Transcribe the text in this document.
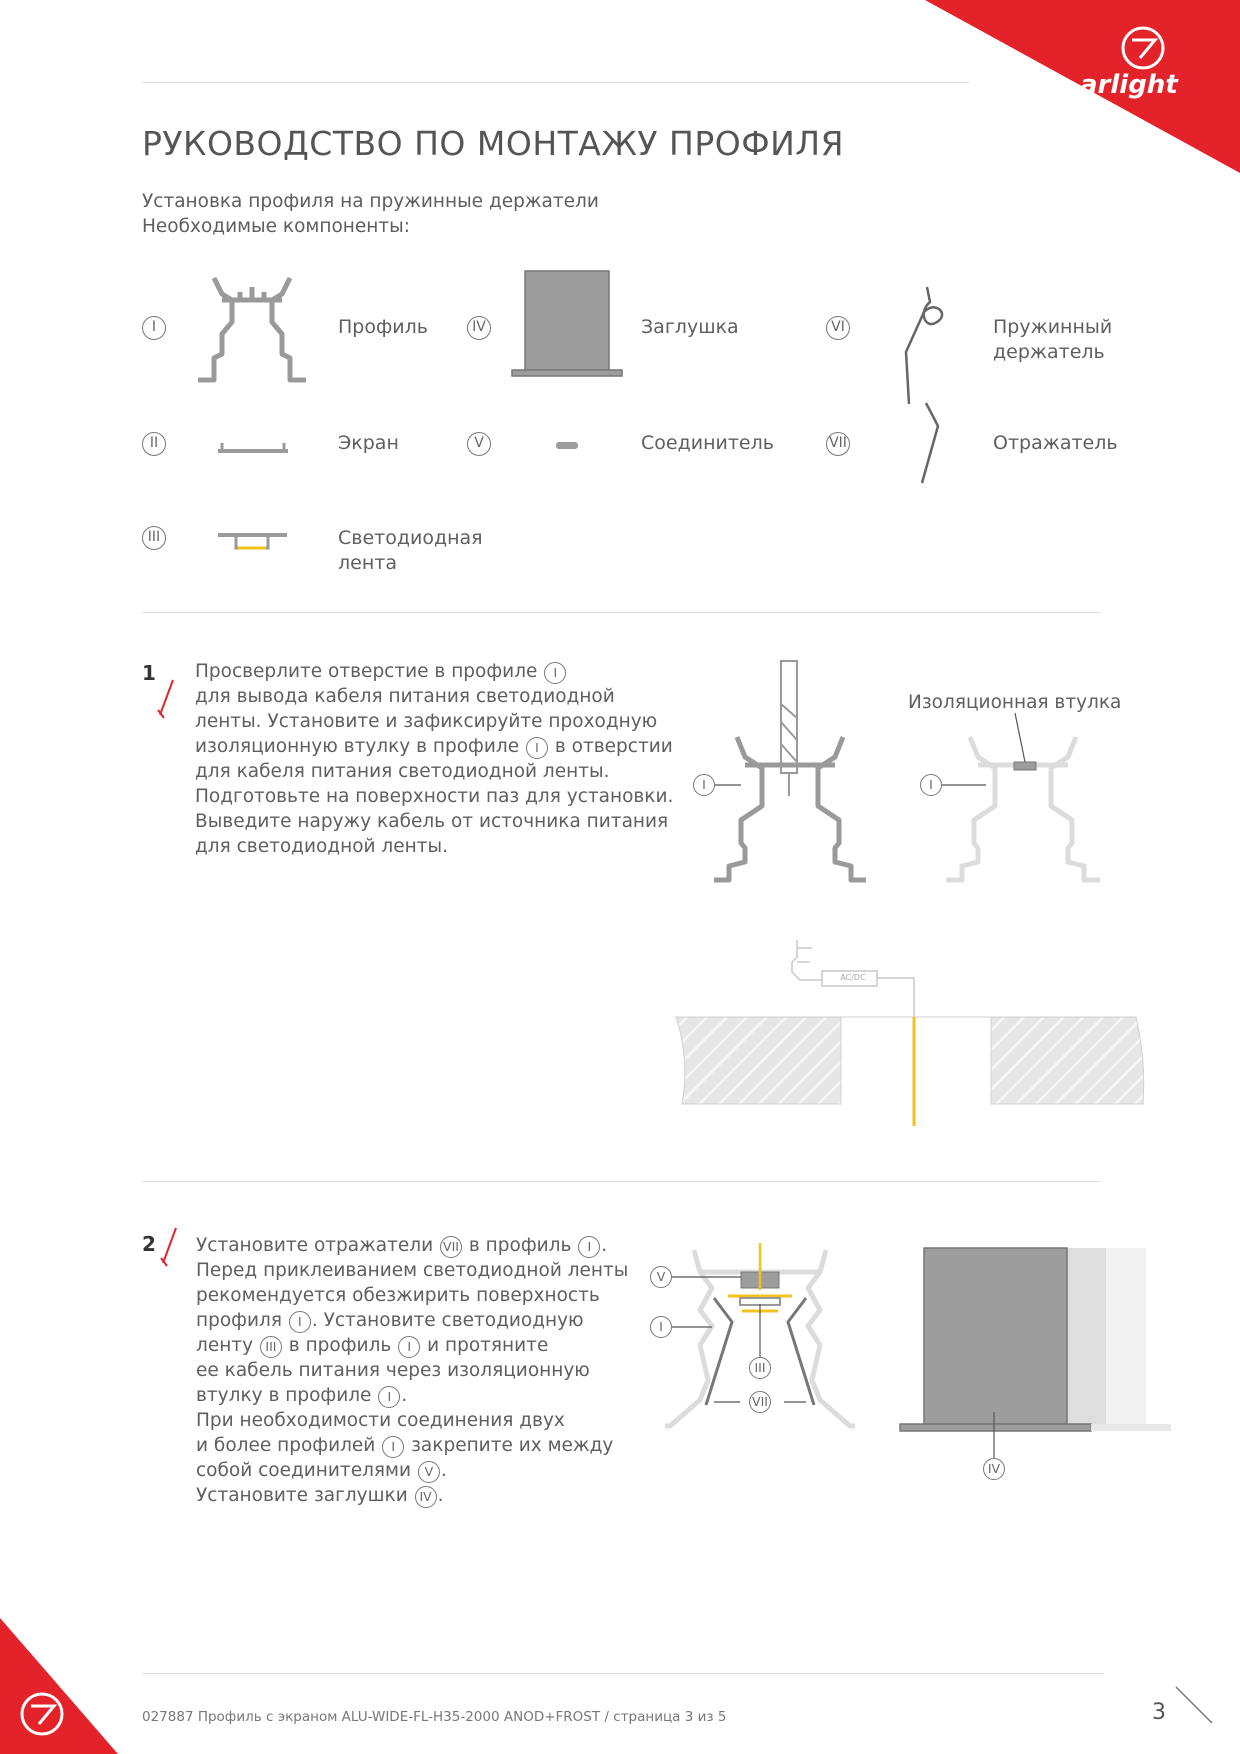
arlight
РУКОВОДСТВО ПО МОНТАЖУ ПРОФИЛЯ
Установка профиля на пружинные держатели
Необходимые компоненты:
I	Профиль
II	Экран
III	Светодиодная
лента
IV	Заглушка
V	Соединитель
VI	Пружинный
держатель
VII	Отражатель
1 Просверлите отверстие в профиле I
для вывода кабеля питания светодиодной
ленты. Установите и зафиксируйте проходную
изоляционную втулку в профиле I в отверстии
для кабеля питания светодиодной ленты.
Подготовьте на поверхности паз для установки.
Выведите наружу кабель от источника питания
для светодиодной ленты.
Изоляционная втулка
I	I
AC/DC
2 Установите отражатели VII в профиль I .
Перед приклеиванием светодиодной ленты
рекомендуется обезжирить поверхность
профиля I . Установите светодиодную
ленту III в профиль I и протяните
ее кабель питания через изоляционную
втулку в профиле I .
При необходимости соединения двух
и более профилей I закрепите их между
собой соединителями V .
Установите заглушки IV .
V
I
III
VII
IV
027887 Профиль с экраном ALU-WIDE-FL-H35-2000 ANOD+FROST / страница 3 из 5	3
